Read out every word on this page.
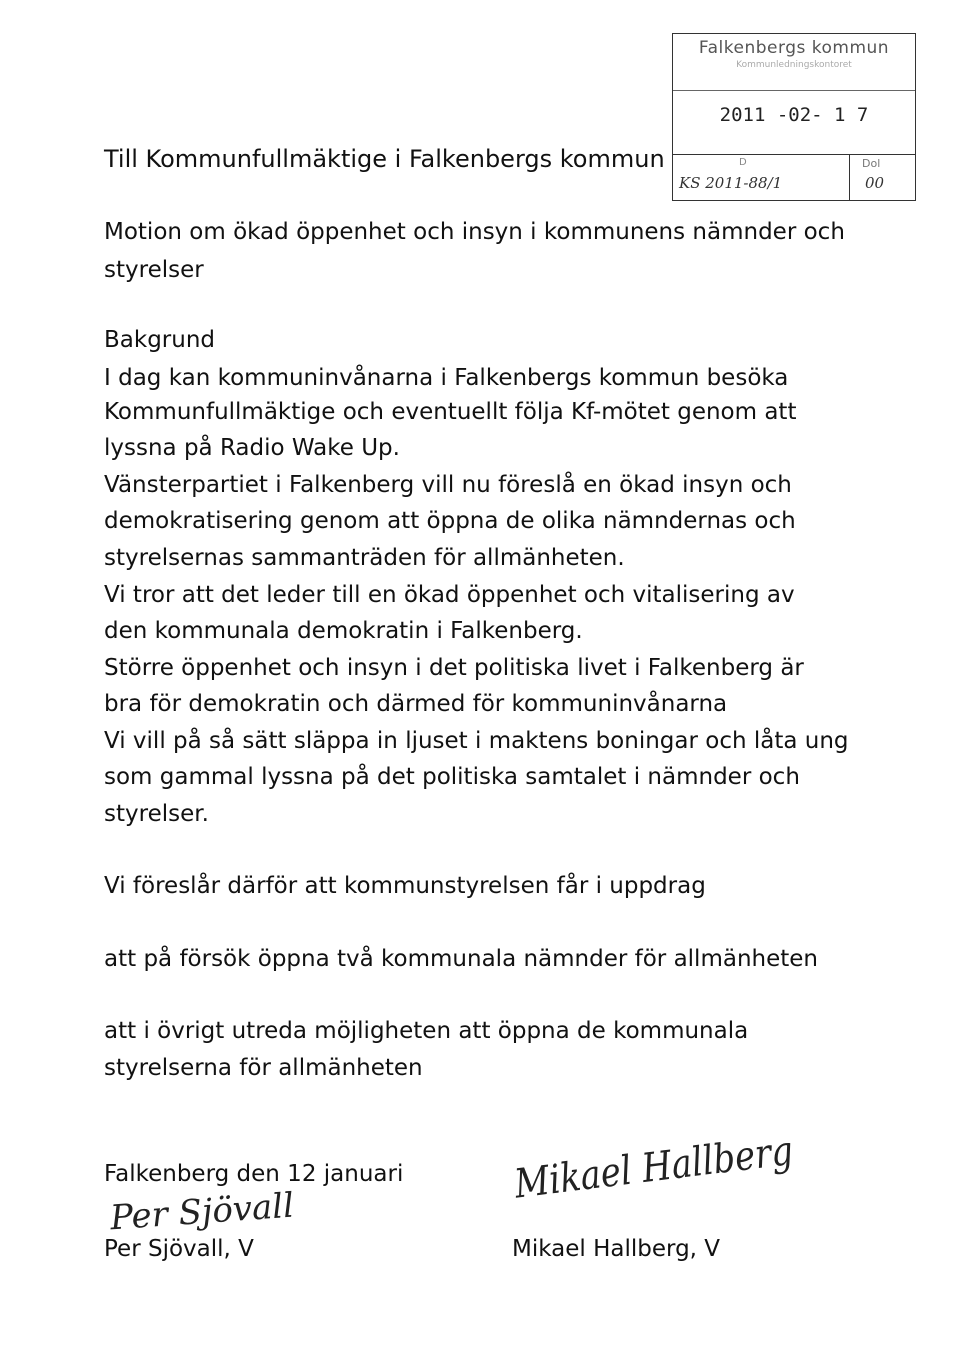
Falkenbergs kommun
Kommunledningskontoret
2011 -02- 1 7
D	Dol
KS 2011-88/1	00
Till Kommunfullmäktige i Falkenbergs kommun
Motion om ökad öppenhet och insyn i kommunens nämnder och
styrelser
Bakgrund
I dag kan kommuninvånarna i Falkenbergs kommun besöka
Kommunfullmäktige och eventuellt följa Kf-mötet genom att
lyssna på Radio Wake Up.
Vänsterpartiet i Falkenberg vill nu föreslå en ökad insyn och
demokratisering genom att öppna de olika nämndernas och
styrelsernas sammanträden för allmänheten.
Vi tror att det leder till en ökad öppenhet och vitalisering av
den kommunala demokratin i Falkenberg.
Större öppenhet och insyn i det politiska livet i Falkenberg är
bra för demokratin och därmed för kommuninvånarna
Vi vill på så sätt släppa in ljuset i maktens boningar och låta ung
som gammal lyssna på det politiska samtalet i nämnder och
styrelser.
Vi föreslår därför att kommunstyrelsen får i uppdrag
att på försök öppna två kommunala nämnder för allmänheten
att i övrigt utreda möjligheten att öppna de kommunala
styrelserna för allmänheten
Falkenberg den 12 januari
Per Sjövall
Mikael Hallberg
Per Sjövall, V	Mikael Hallberg, V
